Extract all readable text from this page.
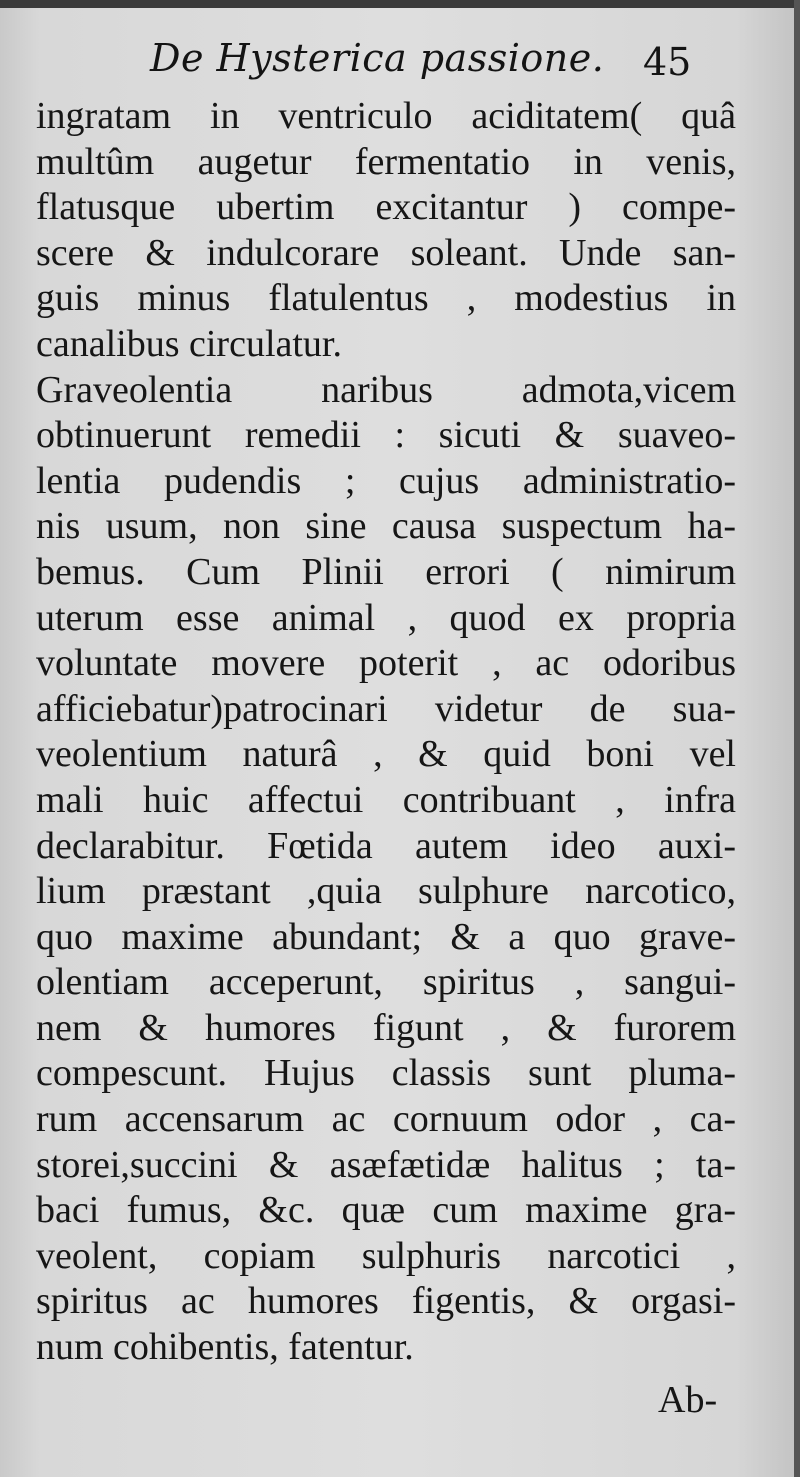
De Hysterica passione. 45
ingratam in ventriculo aciditatem( quâ
multûm augetur fermentatio in venis,
flatusque ubertim excitantur ) compe-
scere & indulcorare soleant. Unde san-
guis minus flatulentus , modestius in
canalibus circulatur.
Graveolentia naribus admota,vicem
obtinuerunt remedii : sicuti & suaveo-
lentia pudendis ; cujus administratio-
nis usum, non sine causa suspectum ha-
bemus. Cum Plinii errori ( nimirum
uterum esse animal , quod ex propria
voluntate movere poterit , ac odoribus
afficiebatur)patrocinari videtur de sua-
veolentium naturâ , & quid boni vel
mali huic affectui contribuant , infra
declarabitur. Fœtida autem ideo auxi-
lium præstant ,quia sulphure narcotico,
quo maxime abundant; & a quo grave-
olentiam acceperunt, spiritus , sangui-
nem & humores figunt , & furorem
compescunt. Hujus classis sunt pluma-
rum accensarum ac cornuum odor , ca-
storei,succini & asæfætidæ halitus ; ta-
baci fumus, &c. quæ cum maxime gra-
veolent, copiam sulphuris narcotici ,
spiritus ac humores figentis, & orgasi-
num cohibentis, fatentur.
Ab-
